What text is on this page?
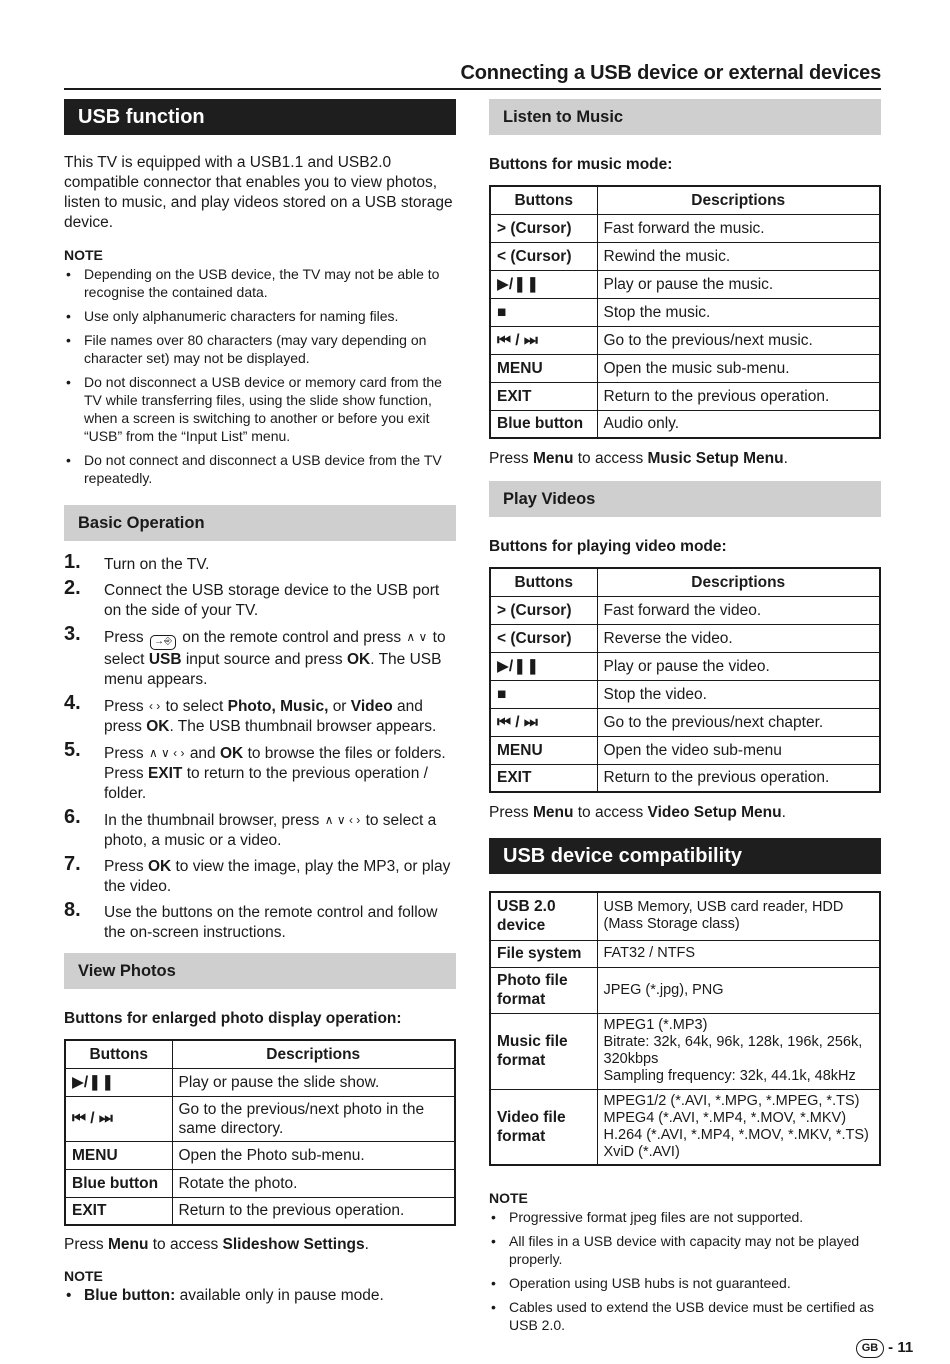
Connecting a USB device or external devices
USB function

This TV is equipped with a USB1.1 and USB2.0 compatible connector that enables you to view photos, listen to music, and play videos stored on a USB storage device.

NOTE
• Depending on the USB device, the TV may not be able to recognise the contained data.
• Use only alphanumeric characters for naming files.
• File names over 80 characters (may vary depending on character set) may not be displayed.
• Do not disconnect a USB device or memory card from the TV while transferring files, using the slide show function, when a screen is switching to another or before you exit “USB” from the “Input List” menu.
• Do not connect and disconnect a USB device from the TV repeatedly.
Basic Operation
1. Turn on the TV.
2. Connect the USB storage device to the USB port on the side of your TV.
3. Press →⎆ on the remote control and press ∧ ∨ to select USB input source and press OK. The USB menu appears.
4. Press ‹ › to select Photo, Music, or Video and press OK. The USB thumbnail browser appears.
5. Press ∧ ∨ ‹ › and OK to browse the files or folders. Press EXIT to return to the previous operation / folder.
6. In the thumbnail browser, press ∧ ∨ ‹ › to select a photo, a music or a video.
7. Press OK to view the image, play the MP3, or play the video.
8. Use the buttons on the remote control and follow the on-screen instructions.
View Photos
Buttons for enlarged photo display operation:
Buttons	Descriptions
▶/❚❚	Play or pause the slide show.
⏮ / ⏭	Go to the previous/next photo in the same directory.
MENU	Open the Photo sub-menu.
Blue button	Rotate the photo.
EXIT	Return to the previous operation.
Press Menu to access Slideshow Settings.
NOTE
• Blue button: available only in pause mode.
Listen to Music
Buttons for music mode:
Buttons	Descriptions
> (Cursor)	Fast forward the music.
< (Cursor)	Rewind the music.
▶/❚❚	Play or pause the music.
■	Stop the music.
⏮ / ⏭	Go to the previous/next music.
MENU	Open the music sub-menu.
EXIT	Return to the previous operation.
Blue button	Audio only.
Press Menu to access Music Setup Menu.
Play Videos
Buttons for playing video mode:
Buttons	Descriptions
> (Cursor)	Fast forward the video.
< (Cursor)	Reverse the video.
▶/❚❚	Play or pause the video.
■	Stop the video.
⏮ / ⏭	Go to the previous/next chapter.
MENU	Open the video sub-menu
EXIT	Return to the previous operation.
Press Menu to access Video Setup Menu.
USB device compatibility
USB 2.0 device	USB Memory, USB card reader, HDD (Mass Storage class)
File system	FAT32 / NTFS
Photo file format	JPEG (*.jpg), PNG
Music file format	MPEG1 (*.MP3)
Bitrate: 32k, 64k, 96k, 128k, 196k, 256k, 320kbps
Sampling frequency: 32k, 44.1k, 48kHz
Video file format	MPEG1/2 (*.AVI, *.MPG, *.MPEG, *.TS)
MPEG4 (*.AVI, *.MP4, *.MOV, *.MKV)
H.264 (*.AVI, *.MP4, *.MOV, *.MKV, *.TS)
XviD (*.AVI)
NOTE
• Progressive format jpeg files are not supported.
• All files in a USB device with capacity may not be played properly.
• Operation using USB hubs is not guaranteed.
• Cables used to extend the USB device must be certified as USB 2.0.
GB - 11
